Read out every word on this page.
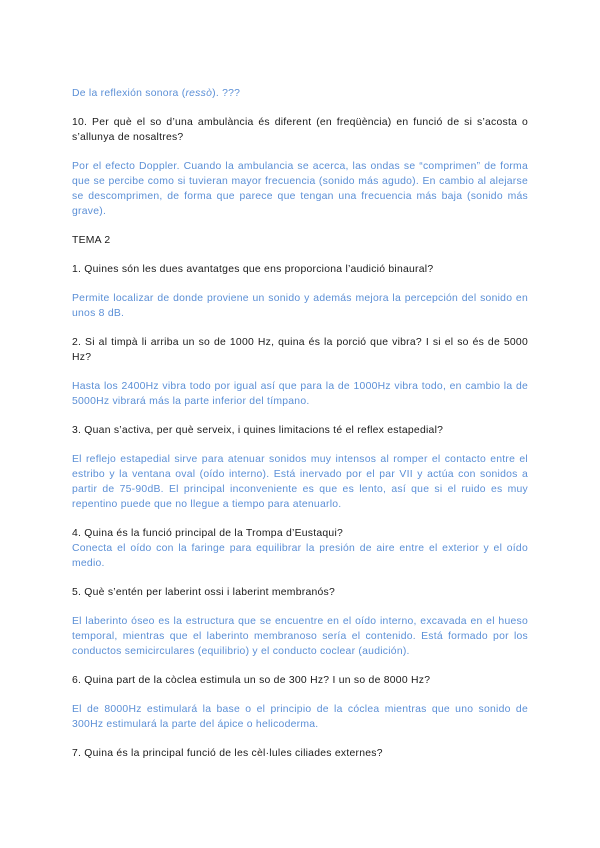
De la reflexión sonora (ressò). ???

10. Per què el so d’una ambulància és diferent (en freqüència) en funció de si s’acosta o s’allunya de nosaltres?

Por el efecto Doppler. Cuando la ambulancia se acerca, las ondas se “comprimen” de forma que se percibe como si tuvieran mayor frecuencia (sonido más agudo). En cambio al alejarse se descomprimen, de forma que parece que tengan una frecuencia más baja (sonido más grave).

TEMA 2

1. Quines són les dues avantatges que ens proporciona l’audició binaural?

Permite localizar de donde proviene un sonido y además mejora la percepción del sonido en unos 8 dB.

2. Si al timpà li arriba un so de 1000 Hz, quina és la porció que vibra? I si el so és de 5000 Hz?

Hasta los 2400Hz vibra todo por igual así que para la de 1000Hz vibra todo, en cambio la de 5000Hz vibrará más la parte inferior del tímpano.

3. Quan s’activa, per què serveix, i quines limitacions té el reflex estapedial?

El reflejo estapedial sirve para atenuar sonidos muy intensos al romper el contacto entre el estribo y la ventana oval (oído interno). Está inervado por el par VII y actúa con sonidos a partir de 75-90dB. El principal inconveniente es que es lento, así que si el ruido es muy repentino puede que no llegue a tiempo para atenuarlo.

4. Quina és la funció principal de la Trompa d’Eustaqui?

Conecta el oído con la faringe para equilibrar la presión de aire entre el exterior y el oído medio.

5. Què s’entén per laberint ossi i laberint membranós?

El laberinto óseo es la estructura que se encuentre en el oído interno, excavada en el hueso temporal, mientras que el laberinto membranoso sería el contenido. Está formado por los conductos semicirculares (equilibrio) y el conducto coclear (audición).

6. Quina part de la còclea estimula un so de 300 Hz? I un so de 8000 Hz?

El de 8000Hz estimulará la base o el principio de la cóclea mientras que uno sonido de 300Hz estimulará la parte del ápice o helicoderma.

7. Quina és la principal funció de les cèl·lules ciliades externes?
